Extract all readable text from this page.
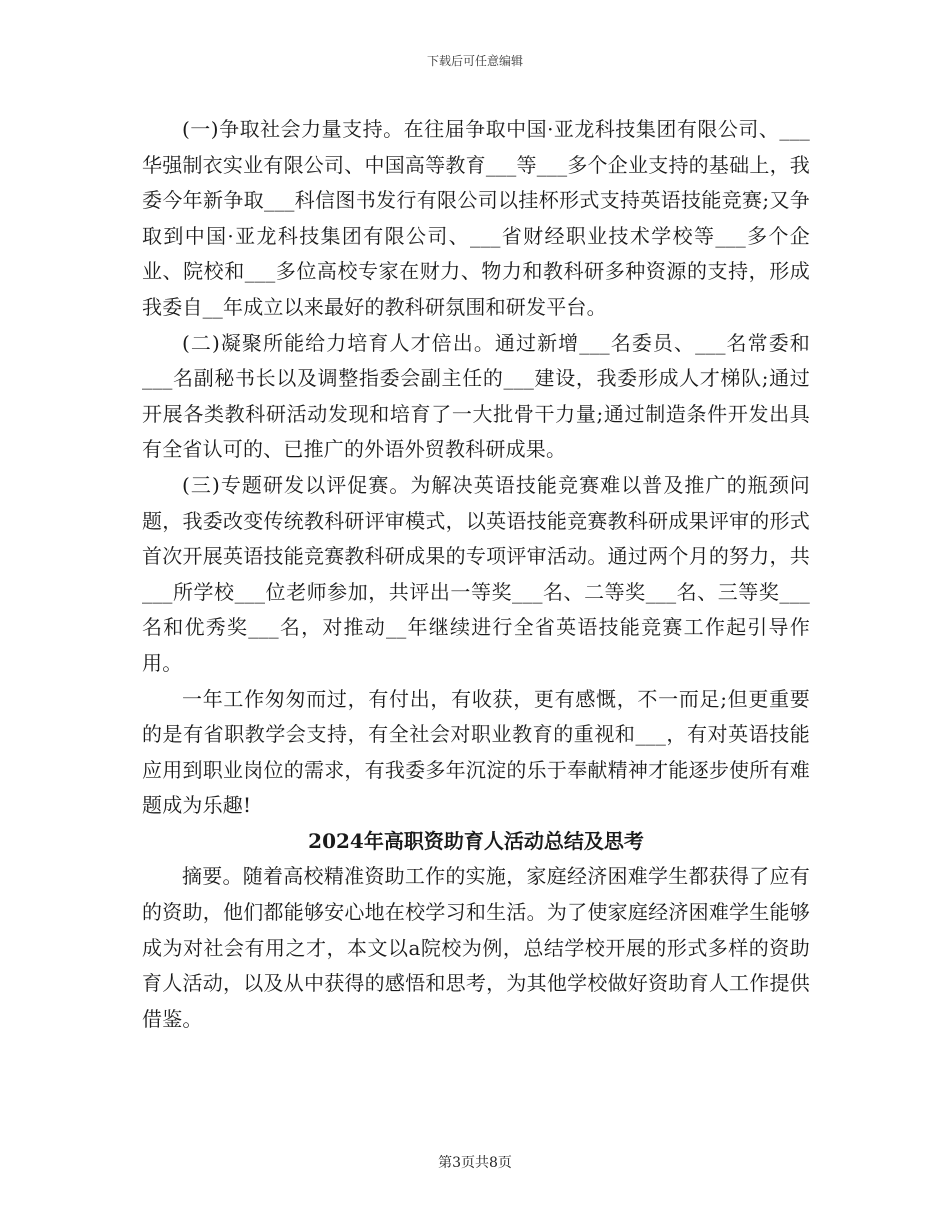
下载后可任意编辑

(一)争取社会力量支持。在往届争取中国·亚龙科技集团有限公司、___华强制衣实业有限公司、中国高等教育___等___多个企业支持的基础上，我委今年新争取___科信图书发行有限公司以挂杯形式支持英语技能竞赛;又争取到中国·亚龙科技集团有限公司、___省财经职业技术学校等___多个企业、院校和___多位高校专家在财力、物力和教科研多种资源的支持，形成我委自__年成立以来最好的教科研氛围和研发平台。

(二)凝聚所能给力培育人才倍出。通过新增___名委员、___名常委和___名副秘书长以及调整指委会副主任的___建设，我委形成人才梯队;通过开展各类教科研活动发现和培育了一大批骨干力量;通过制造条件开发出具有全省认可的、已推广的外语外贸教科研成果。

(三)专题研发以评促赛。为解决英语技能竞赛难以普及推广的瓶颈问题，我委改变传统教科研评审模式，以英语技能竞赛教科研成果评审的形式首次开展英语技能竞赛教科研成果的专项评审活动。通过两个月的努力，共___所学校___位老师参加，共评出一等奖___名、二等奖___名、三等奖___名和优秀奖___名，对推动__年继续进行全省英语技能竞赛工作起引导作用。

一年工作匆匆而过，有付出，有收获，更有感慨，不一而足;但更重要的是有省职教学会支持，有全社会对职业教育的重视和___，有对英语技能应用到职业岗位的需求，有我委多年沉淀的乐于奉献精神才能逐步使所有难题成为乐趣!

2024年高职资助育人活动总结及思考

摘要。随着高校精准资助工作的实施，家庭经济困难学生都获得了应有的资助，他们都能够安心地在校学习和生活。为了使家庭经济困难学生能够成为对社会有用之才，本文以a院校为例，总结学校开展的形式多样的资助育人活动，以及从中获得的感悟和思考，为其他学校做好资助育人工作提供借鉴。

第3页共8页
